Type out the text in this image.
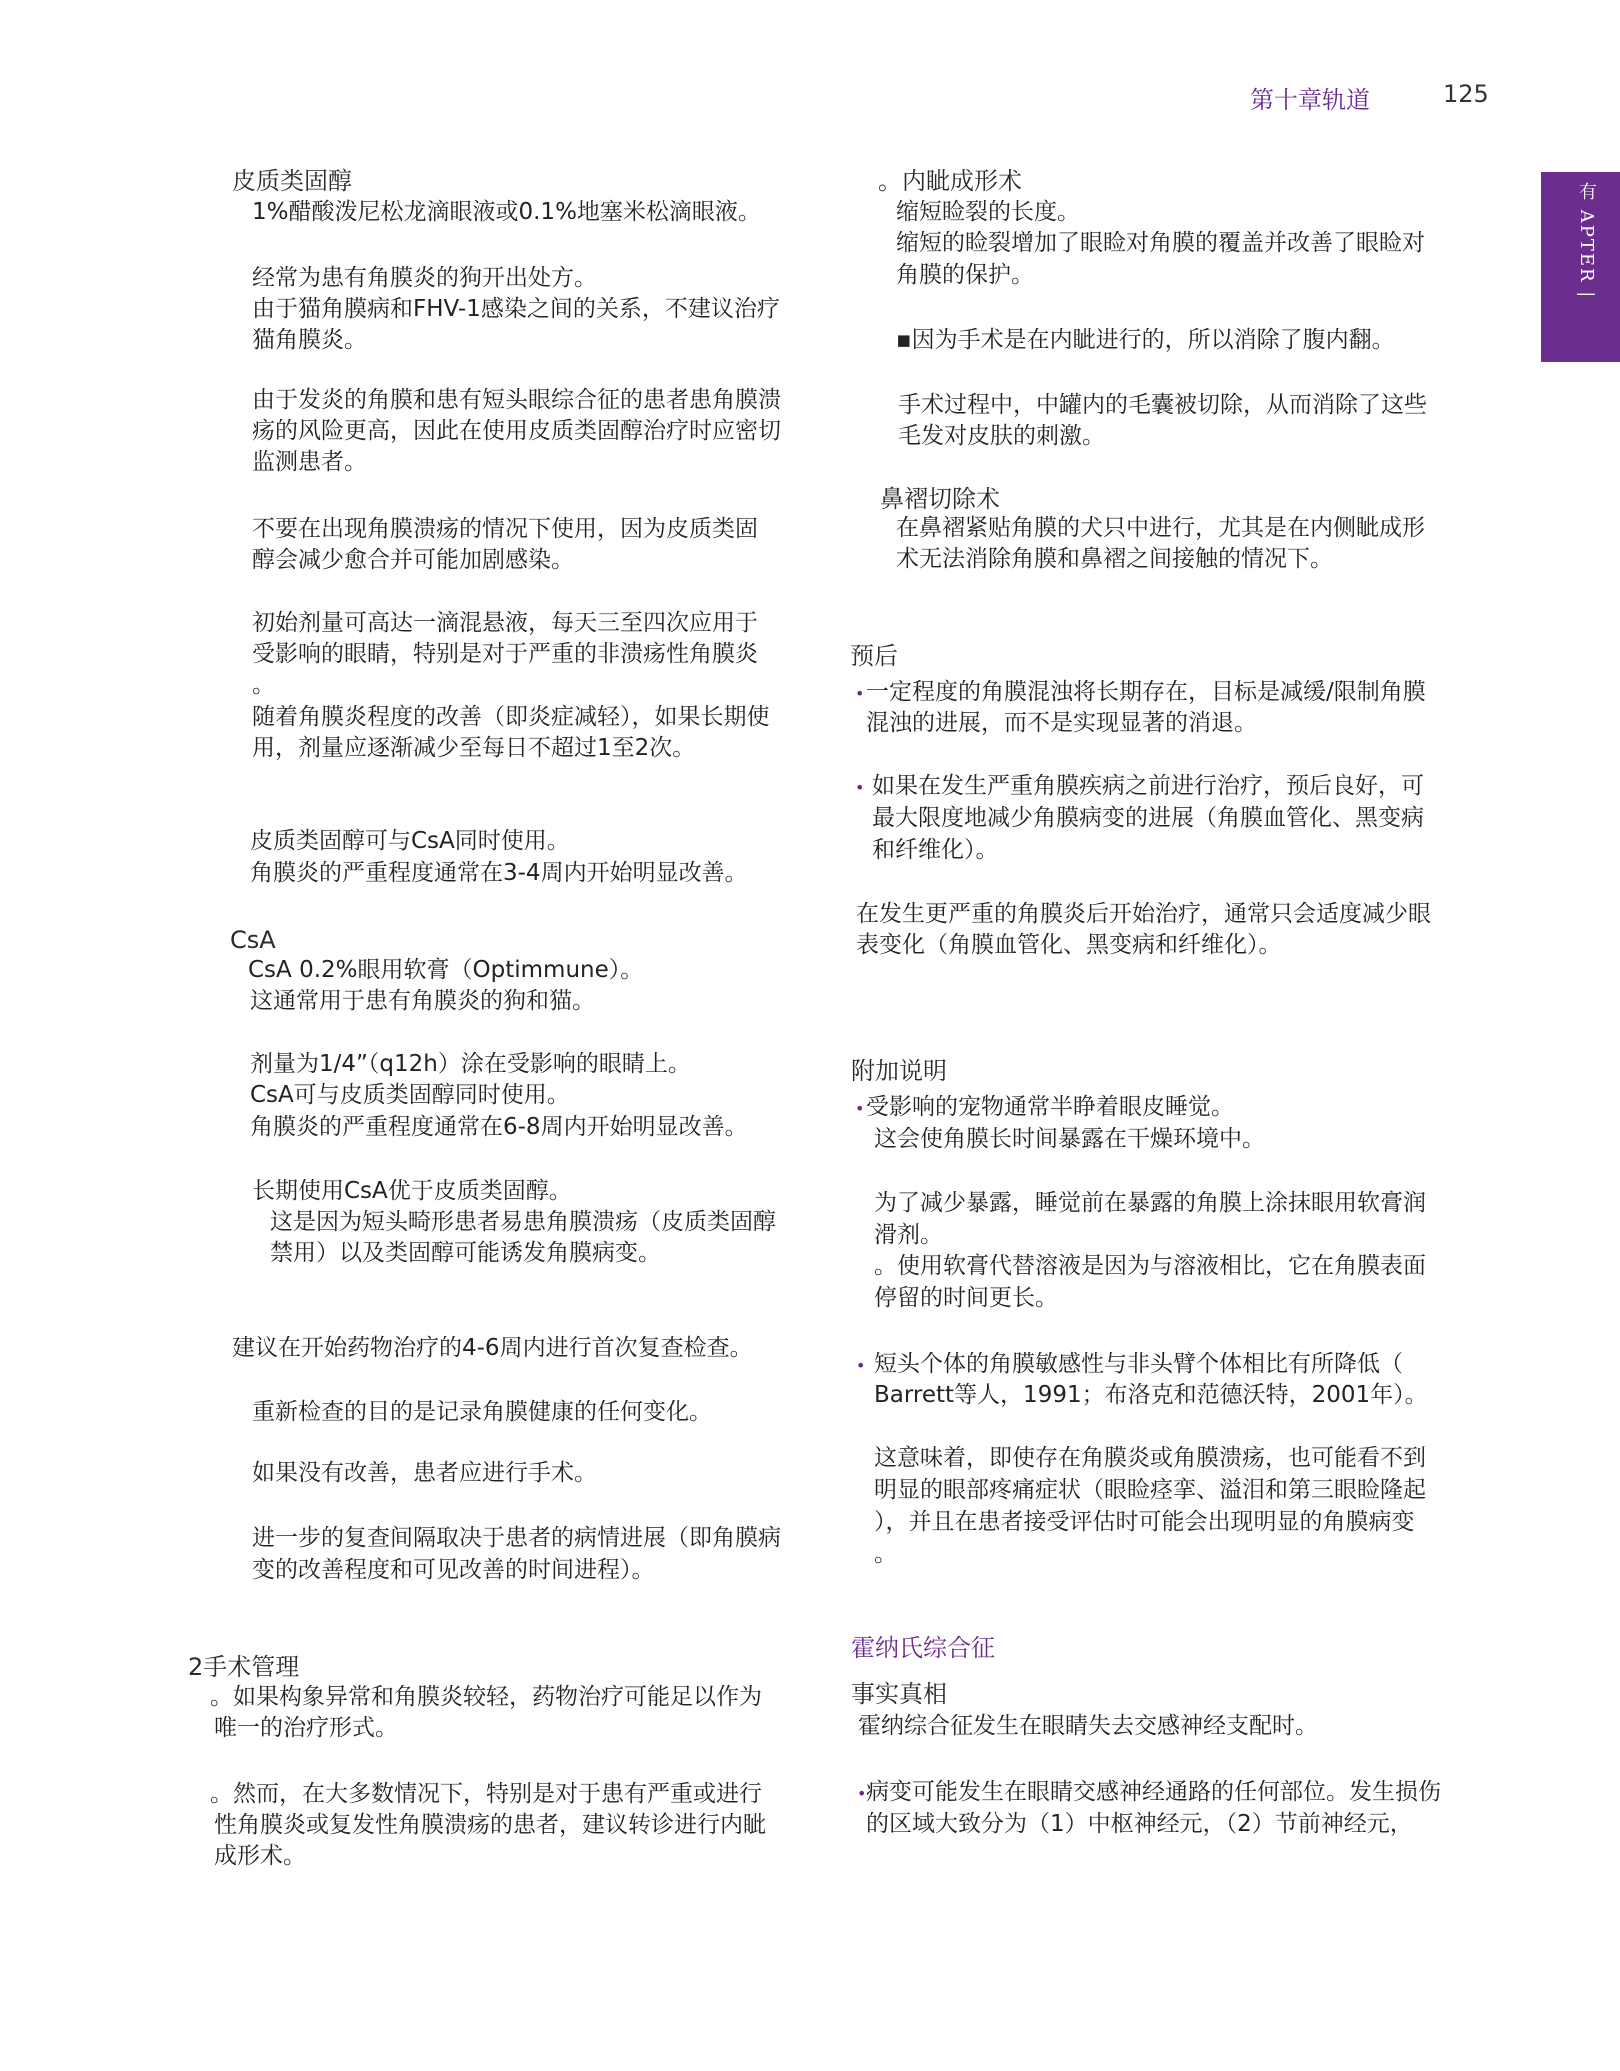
第十章轨道	125
有 APTER |
皮质类固醇
1%醋酸泼尼松龙滴眼液或0.1%地塞米松滴眼液。
经常为患有角膜炎的狗开出处方。
由于猫角膜病和FHV-1感染之间的关系，不建议治疗
猫角膜炎。
由于发炎的角膜和患有短头眼综合征的患者患角膜溃
疡的风险更高，因此在使用皮质类固醇治疗时应密切
监测患者。
不要在出现角膜溃疡的情况下使用，因为皮质类固
醇会减少愈合并可能加剧感染。
初始剂量可高达一滴混悬液，每天三至四次应用于
受影响的眼睛，特别是对于严重的非溃疡性角膜炎
。
随着角膜炎程度的改善（即炎症减轻），如果长期使
用，剂量应逐渐减少至每日不超过1至2次。
皮质类固醇可与CsA同时使用。
角膜炎的严重程度通常在3-4周内开始明显改善。
CsA
CsA 0.2%眼用软膏（Optimmune）。
这通常用于患有角膜炎的狗和猫。
剂量为1/4”（q12h）涂在受影响的眼睛上。
CsA可与皮质类固醇同时使用。
角膜炎的严重程度通常在6-8周内开始明显改善。
长期使用CsA优于皮质类固醇。
这是因为短头畸形患者易患角膜溃疡（皮质类固醇
禁用）以及类固醇可能诱发角膜病变。
建议在开始药物治疗的4-6周内进行首次复查检查。
重新检查的目的是记录角膜健康的任何变化。
如果没有改善，患者应进行手术。
进一步的复查间隔取决于患者的病情进展（即角膜病
变的改善程度和可见改善的时间进程）。
2手术管理
。如果构象异常和角膜炎较轻，药物治疗可能足以作为
唯一的治疗形式。
。然而，在大多数情况下，特别是对于患有严重或进行
性角膜炎或复发性角膜溃疡的患者，建议转诊进行内眦
成形术。
。内眦成形术
缩短睑裂的长度。
缩短的睑裂增加了眼睑对角膜的覆盖并改善了眼睑对
角膜的保护。
▪因为手术是在内眦进行的，所以消除了腹内翻。
手术过程中，中罐内的毛囊被切除，从而消除了这些
毛发对皮肤的刺激。
鼻褶切除术
在鼻褶紧贴角膜的犬只中进行，尤其是在内侧眦成形
术无法消除角膜和鼻褶之间接触的情况下。
预后
• 一定程度的角膜混浊将长期存在，目标是减缓/限制角膜
混浊的进展，而不是实现显著的消退。
• 如果在发生严重角膜疾病之前进行治疗，预后良好，可
最大限度地减少角膜病变的进展（角膜血管化、黑变病
和纤维化）。
在发生更严重的角膜炎后开始治疗，通常只会适度减少眼
表变化（角膜血管化、黑变病和纤维化）。
附加说明
• 受影响的宠物通常半睁着眼皮睡觉。
这会使角膜长时间暴露在干燥环境中。
为了减少暴露，睡觉前在暴露的角膜上涂抹眼用软膏润
滑剂。
。使用软膏代替溶液是因为与溶液相比，它在角膜表面
停留的时间更长。
• 短头个体的角膜敏感性与非头臂个体相比有所降低（
Barrett等人，1991；布洛克和范德沃特，2001年）。
这意味着，即使存在角膜炎或角膜溃疡，也可能看不到
明显的眼部疼痛症状（眼睑痉挛、溢泪和第三眼睑隆起
），并且在患者接受评估时可能会出现明显的角膜病变
。
霍纳氏综合征
事实真相
霍纳综合征发生在眼睛失去交感神经支配时。
• 病变可能发生在眼睛交感神经通路的任何部位。发生损伤
的区域大致分为（1）中枢神经元，（2）节前神经元，
